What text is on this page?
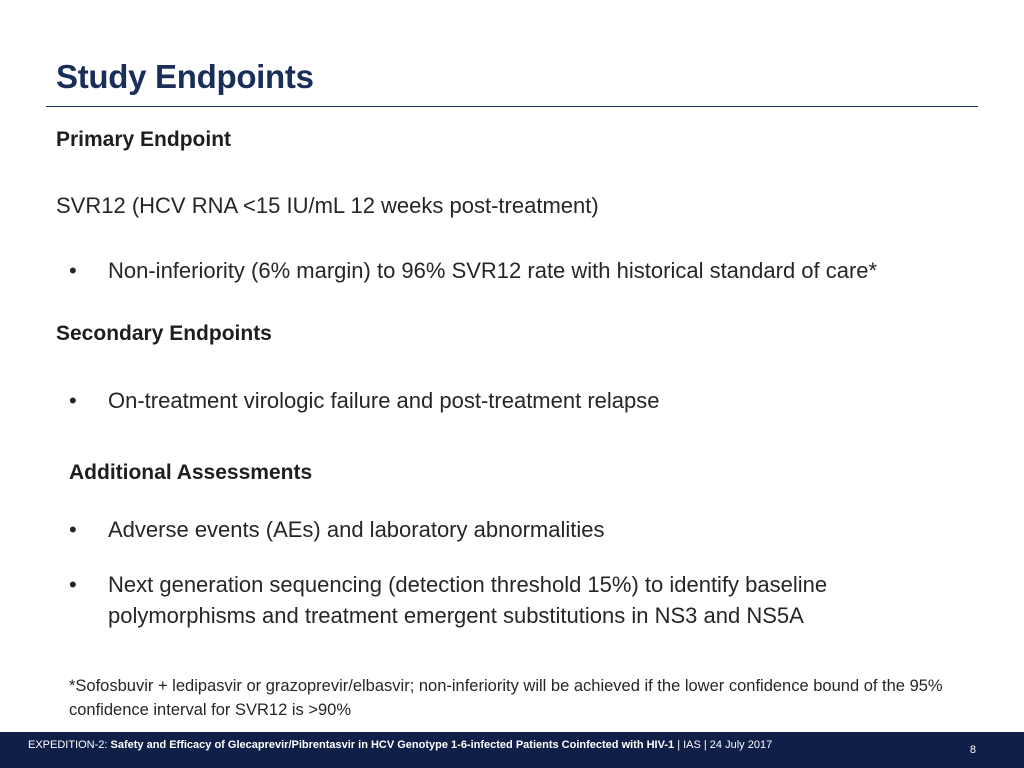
Study Endpoints
Primary Endpoint
SVR12 (HCV RNA <15 IU/mL 12 weeks post-treatment)
• Non-inferiority (6% margin) to 96% SVR12 rate with historical standard of care*
Secondary Endpoints
• On-treatment virologic failure and post-treatment relapse
Additional Assessments
• Adverse events (AEs) and laboratory abnormalities
• Next generation sequencing (detection threshold 15%) to identify baseline polymorphisms and treatment emergent substitutions in NS3 and NS5A
*Sofosbuvir + ledipasvir or grazoprevir/elbasvir; non-inferiority will be achieved if the lower confidence bound of the 95% confidence interval for SVR12 is >90%
EXPEDITION-2: Safety and Efficacy of Glecaprevir/Pibrentasvir in HCV Genotype 1-6-infected Patients Coinfected with HIV-1 | IAS | 24 July 2017	8
